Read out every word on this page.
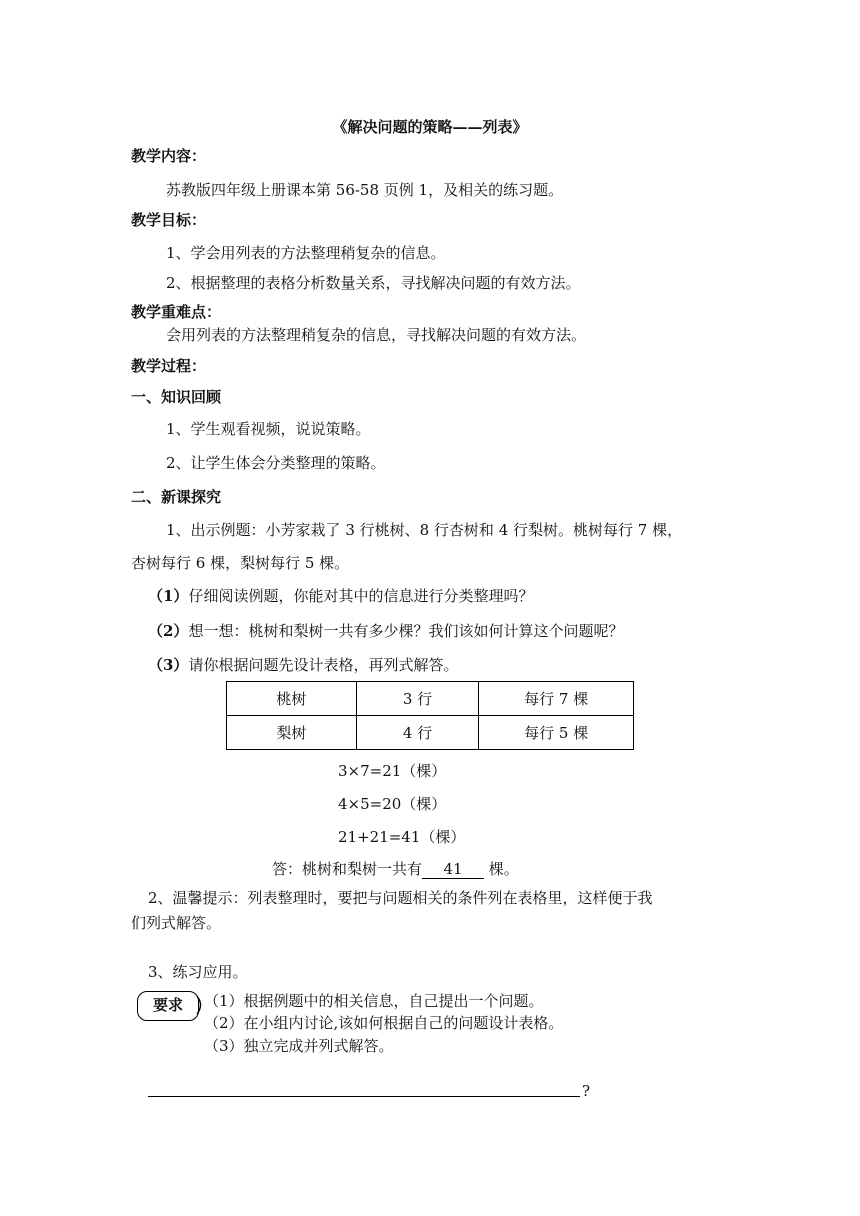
《解决问题的策略——列表》
教学内容：
苏教版四年级上册课本第 56-58 页例 1，及相关的练习题。
教学目标：
1、学会用列表的方法整理稍复杂的信息。
2、根据整理的表格分析数量关系，寻找解决问题的有效方法。
教学重难点：
会用列表的方法整理稍复杂的信息，寻找解决问题的有效方法。
教学过程：
一、知识回顾
1、学生观看视频，说说策略。
2、让学生体会分类整理的策略。
二、新课探究
1、出示例题：小芳家栽了 3 行桃树、8 行杏树和 4 行梨树。桃树每行 7 棵，
杏树每行 6 棵，梨树每行 5 棵。
（1）仔细阅读例题，你能对其中的信息进行分类整理吗？
（2）想一想：桃树和梨树一共有多少棵？我们该如何计算这个问题呢？
（3）请你根据问题先设计表格，再列式解答。
桃树	3 行	每行 7 棵
梨树	4 行	每行 5 棵
3×7=21（棵）
4×5=20（棵）
21+21=41（棵）
答：桃树和梨树一共有 41 棵。
2、温馨提示：列表整理时，要把与问题相关的条件列在表格里，这样便于我
们列式解答。
3、练习应用。
要求	（1）根据例题中的相关信息，自己提出一个问题。
（2）在小组内讨论,该如何根据自己的问题设计表格。
（3）独立完成并列式解答。
?
